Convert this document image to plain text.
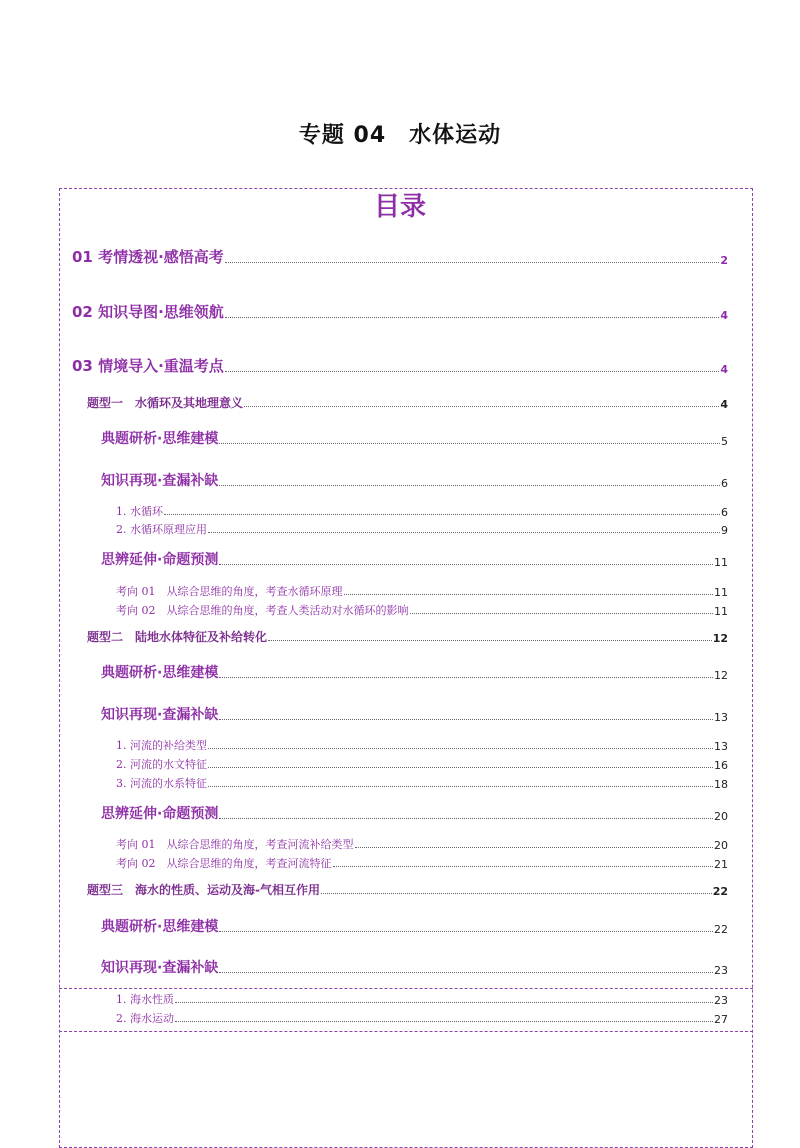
专题 04　水体运动
目录
01 考情透视·感悟高考	2
02 知识导图·思维领航	4
03 情境导入·重温考点	4
题型一　水循环及其地理意义	4
典题研析·思维建模	5
知识再现·查漏补缺	6
1. 水循环	6
2. 水循环原理应用	9
思辨延伸·命题预测	11
考向 01　从综合思维的角度，考查水循环原理	11
考向 02　从综合思维的角度，考查人类活动对水循环的影响	11
题型二　陆地水体特征及补给转化	12
典题研析·思维建模	12
知识再现·查漏补缺	13
1. 河流的补给类型	13
2. 河流的水文特征	16
3. 河流的水系特征	18
思辨延伸·命题预测	20
考向 01　从综合思维的角度，考查河流补给类型	20
考向 02　从综合思维的角度，考查河流特征	21
题型三　海水的性质、运动及海-气相互作用	22
典题研析·思维建模	22
知识再现·查漏补缺	23
1. 海水性质	23
2. 海水运动	27
